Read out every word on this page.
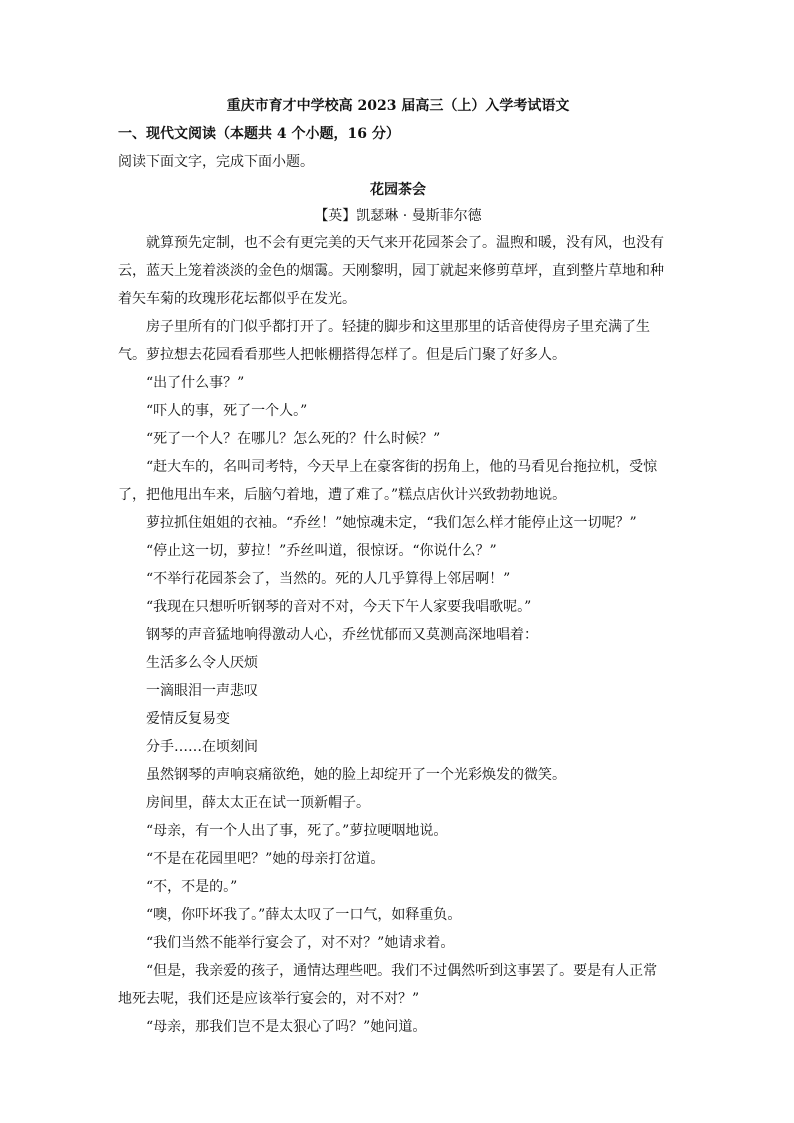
重庆市育才中学校高 2023 届高三（上）入学考试语文
一、现代文阅读（本题共 4 个小题，16 分）
阅读下面文字，完成下面小题。
花园茶会
【英】凯瑟琳 · 曼斯菲尔德
就算预先定制，也不会有更完美的天气来开花园茶会了。温煦和暖，没有风，也没有
云，蓝天上笼着淡淡的金色的烟霭。天刚黎明，园丁就起来修剪草坪，直到整片草地和种
着矢车菊的玫瑰形花坛都似乎在发光。
房子里所有的门似乎都打开了。轻捷的脚步和这里那里的话音使得房子里充满了生
气。萝拉想去花园看看那些人把帐棚搭得怎样了。但是后门聚了好多人。
“出了什么事？”
“吓人的事，死了一个人。”
“死了一个人？在哪儿？怎么死的？什么时候？”
“赶大车的，名叫司考特，今天早上在豪客街的拐角上，他的马看见台拖拉机，受惊
了，把他甩出车来，后脑勺着地，遭了难了。”糕点店伙计兴致勃勃地说。
萝拉抓住姐姐的衣袖。“乔丝！”她惊魂未定，“我们怎么样才能停止这一切呢？”
“停止这一切，萝拉！”乔丝叫道，很惊讶。“你说什么？”
“不举行花园茶会了，当然的。死的人几乎算得上邻居啊！”
“我现在只想听听钢琴的音对不对，今天下午人家要我唱歌呢。”
钢琴的声音猛地响得激动人心，乔丝忧郁而又莫测高深地唱着：
生活多么令人厌烦
一滴眼泪一声悲叹
爱情反复易变
分手……在顷刻间
虽然钢琴的声响哀痛欲绝，她的脸上却绽开了一个光彩焕发的微笑。
房间里，薛太太正在试一顶新帽子。
“母亲，有一个人出了事，死了。”萝拉哽咽地说。
“不是在花园里吧？”她的母亲打岔道。
“不，不是的。”
“噢，你吓坏我了。”薛太太叹了一口气，如释重负。
“我们当然不能举行宴会了，对不对？”她请求着。
“但是，我亲爱的孩子，通情达理些吧。我们不过偶然听到这事罢了。要是有人正常
地死去呢，我们还是应该举行宴会的，对不对？”
“母亲，那我们岂不是太狠心了吗？”她问道。
